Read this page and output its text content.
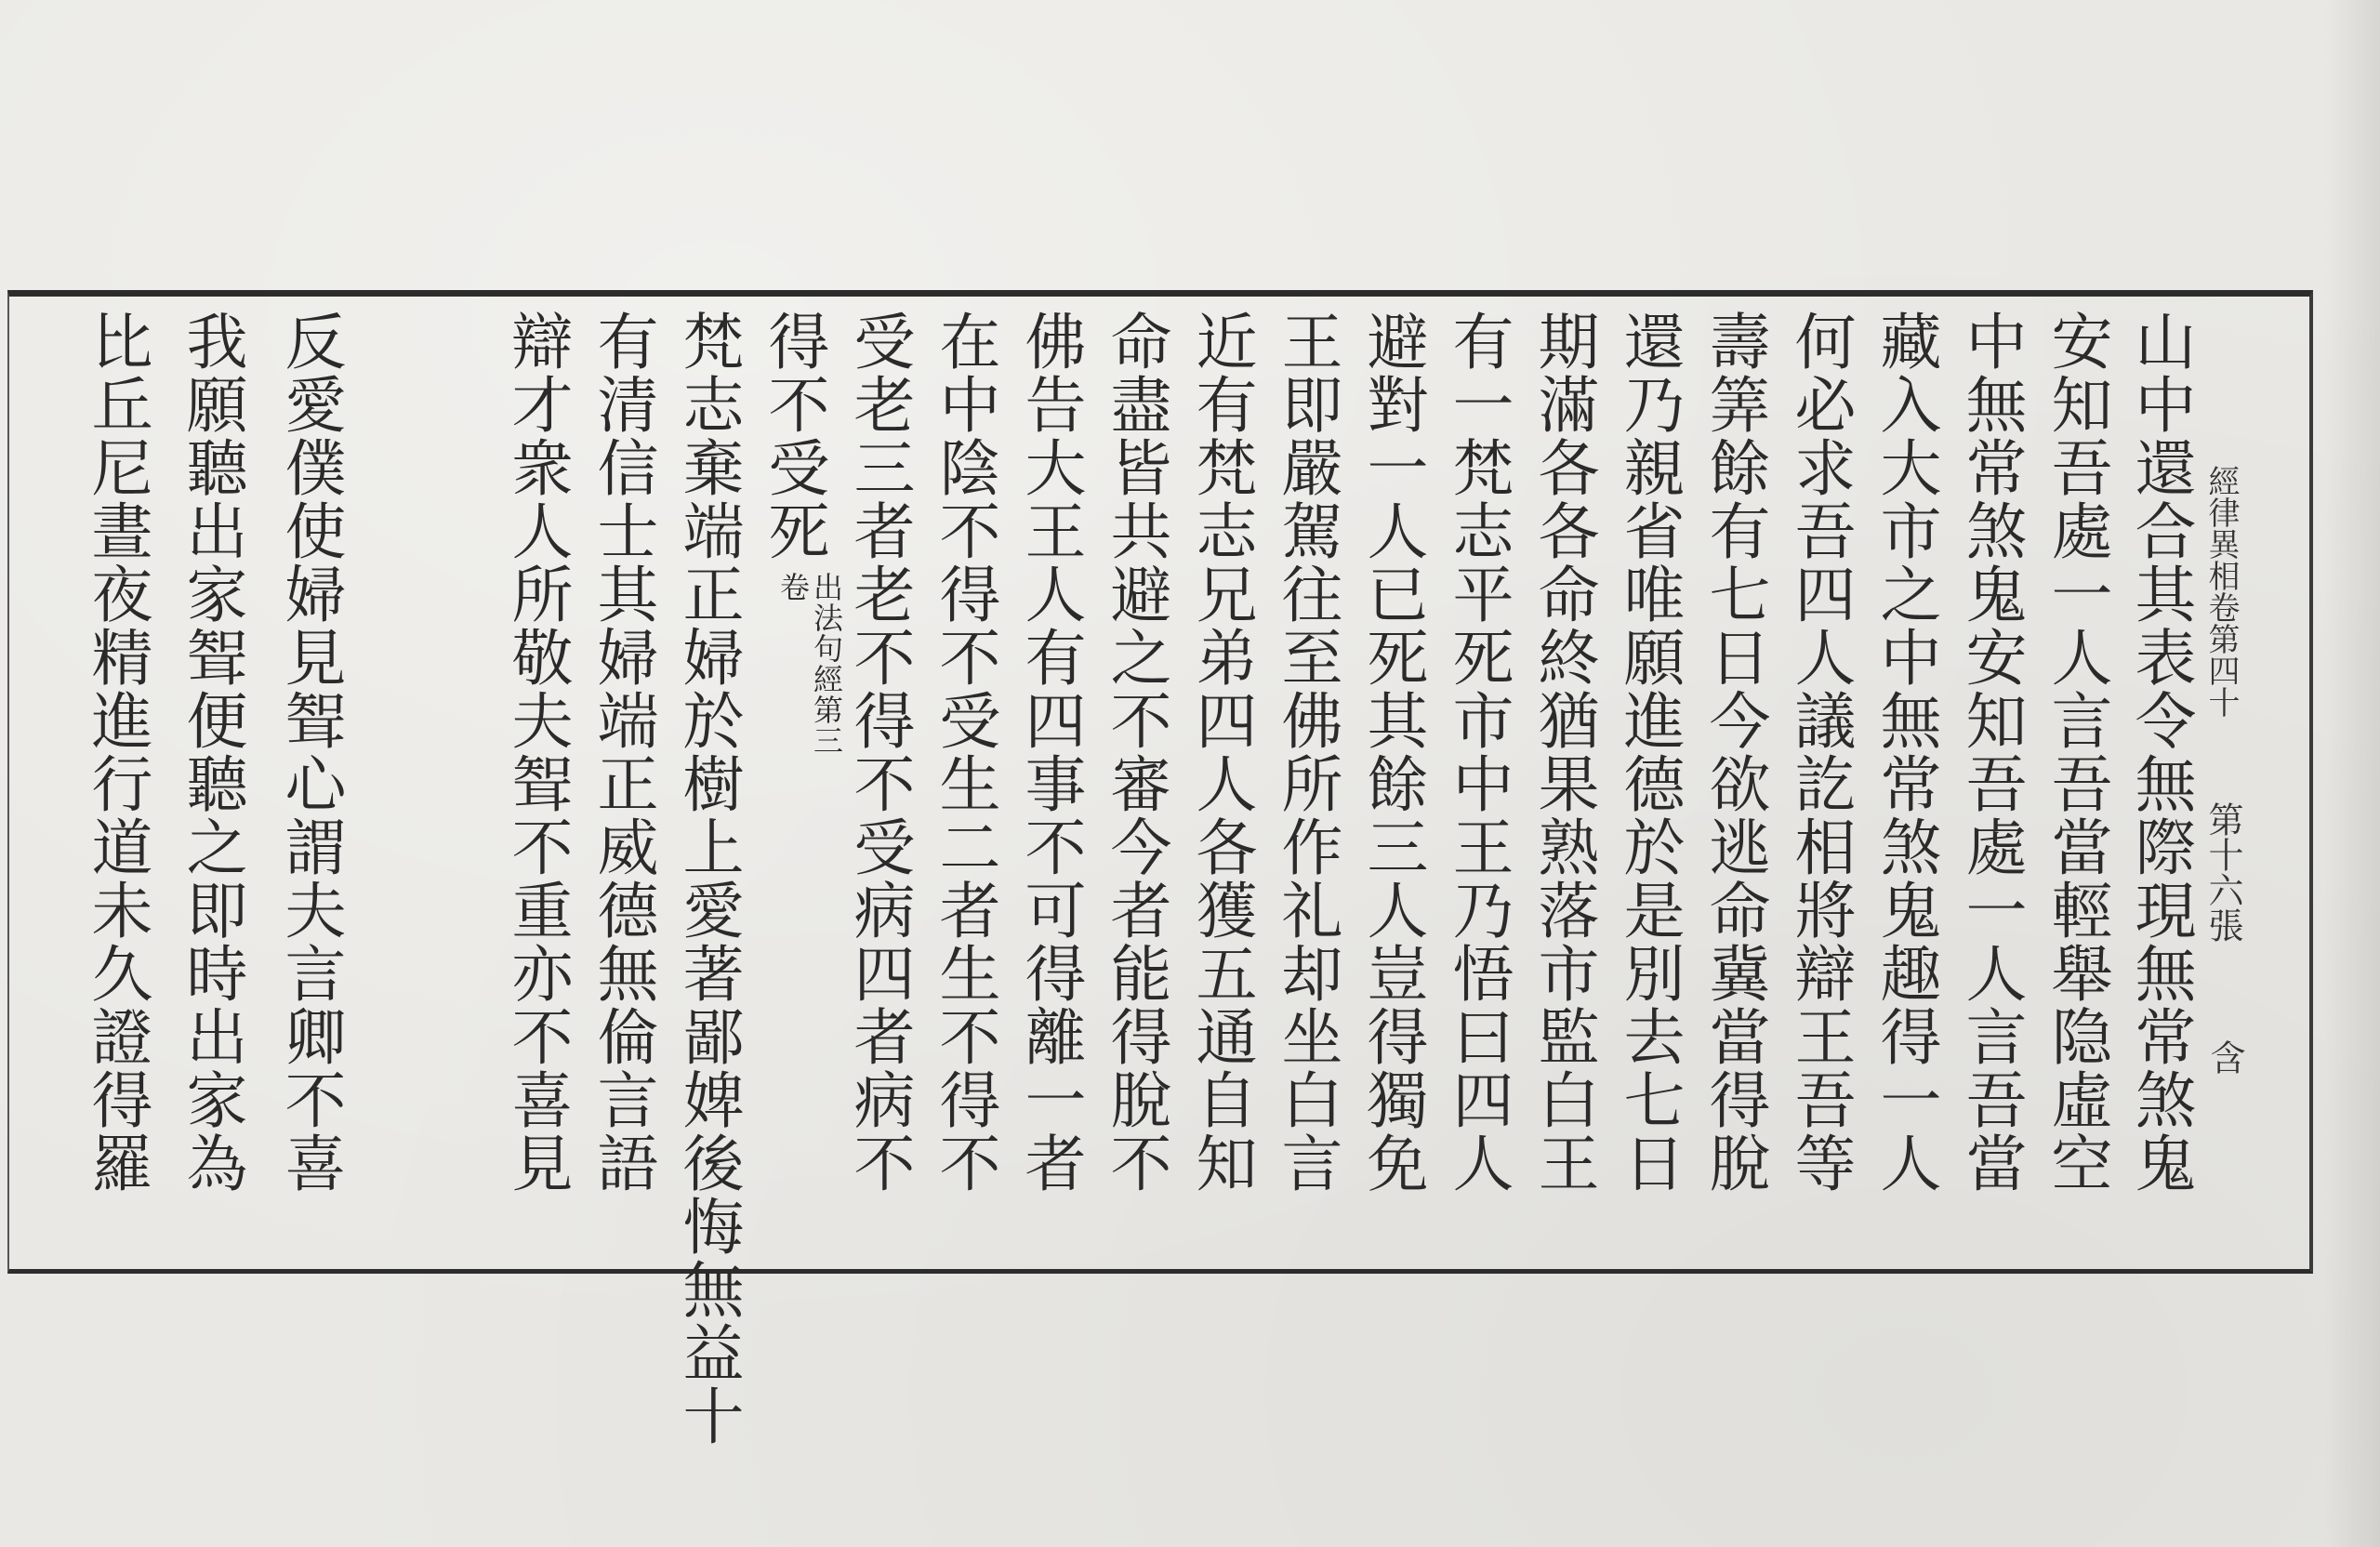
經律異相卷第四十
第十六張
含
山中還合其表令無際現無常煞鬼
安知吾處一人言吾當輕舉隐虛空
中無常煞鬼安知吾處一人言吾當
藏入大市之中無常煞鬼趣得一人
何必求吾四人議訖相將辯王吾等
壽筭餘有七日今欲逃命冀當得脫
還乃親省唯願進德於是別去七日
期滿各各命終猶果熟落市監白王
有一梵志平死市中王乃悟曰四人
避對一人已死其餘三人豈得獨免
王即嚴駕往至佛所作礼却坐白言
近有梵志兄弟四人各獲五通自知
命盡皆共避之不審今者能得脫不
佛告大王人有四事不可得離一者
在中陰不得不受生二者生不得不
受老三者老不得不受病四者病不
得不受死出法句經第三卷
梵志棄端正婦於樹上愛著鄙婢後悔無益十
有清信士其婦端正威德無倫言語
辯才衆人所敬夫聟不重亦不喜見
反愛僕使婦見聟心謂夫言卿不喜
我願聽出家聟便聽之即時出家為
比丘尼晝夜精進行道未久證得羅
